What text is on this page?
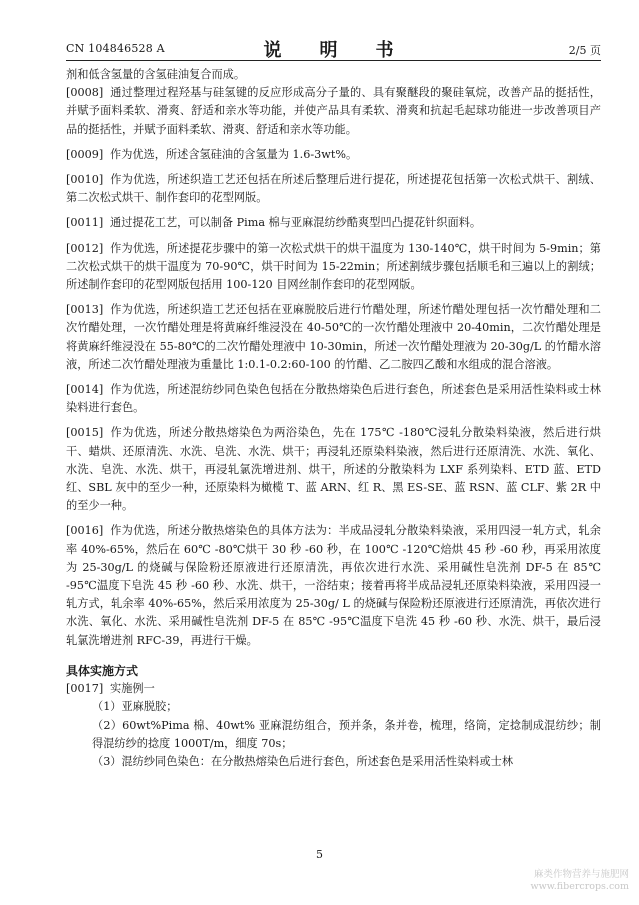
CN 104846528 A	说　明　书	2/5 页

剂和低含氢量的含氢硅油复合而成。

[0008] 通过整理过程羟基与硅氢键的反应形成高分子量的、具有聚醚段的聚硅氧烷，改善产品的挺括性，并赋予面料柔软、滑爽、舒适和亲水等功能，并使产品具有柔软、滑爽和抗起毛起球功能进一步改善项目产品的挺括性，并赋予面料柔软、滑爽、舒适和亲水等功能。

[0009] 作为优选，所述含氢硅油的含氢量为 1.6-3wt%。

[0010] 作为优选，所述织造工艺还包括在所述后整理后进行提花，所述提花包括第一次松式烘干、割绒、第二次松式烘干、制作套印的花型网版。

[0011] 通过提花工艺，可以制备 Pima 棉与亚麻混纺纱酷爽型凹凸提花针织面料。

[0012] 作为优选，所述提花步骤中的第一次松式烘干的烘干温度为 130-140℃，烘干时间为 5-9min；第二次松式烘干的烘干温度为 70-90℃，烘干时间为 15-22min；所述割绒步骤包括顺毛和三遍以上的割绒；所述制作套印的花型网版包括用 100-120 目网丝制作套印的花型网版。

[0013] 作为优选，所述织造工艺还包括在亚麻脱胶后进行竹醋处理，所述竹醋处理包括一次竹醋处理和二次竹醋处理，一次竹醋处理是将黄麻纤维浸没在 40-50℃的一次竹醋处理液中 20-40min，二次竹醋处理是将黄麻纤维浸没在 55-80℃的二次竹醋处理液中 10-30min，所述一次竹醋处理液为 20-30g/L 的竹醋水溶液，所述二次竹醋处理液为重量比 1:0.1-0.2:60-100 的竹醋、乙二胺四乙酸和水组成的混合溶液。

[0014] 作为优选，所述混纺纱同色染色包括在分散热熔染色后进行套色，所述套色是采用活性染料或士林染料进行套色。

[0015] 作为优选，所述分散热熔染色为两浴染色，先在 175℃ -180℃浸轧分散染料染液，然后进行烘干、蜡烘、还原清洗、水洗、皂洗、水洗、烘干；再浸轧还原染料染液，然后进行还原清洗、水洗、氧化、水洗、皂洗、水洗、烘干，再浸轧氯洗增进剂、烘干，所述的分散染料为 LXF 系列染料、ETD 蓝、ETD 红、SBL 灰中的至少一种，还原染料为橄榄 T、蓝 ARN、红 R、黑 ES-SE、蓝 RSN、蓝 CLF、紫 2R 中的至少一种。

[0016] 作为优选，所述分散热熔染色的具体方法为：半成品浸轧分散染料染液，采用四浸一轧方式，轧余率 40%-65%，然后在 60℃ -80℃烘干 30 秒 -60 秒，在 100℃ -120℃焙烘 45 秒 -60 秒，再采用浓度为 25-30g/L 的烧碱与保险粉还原液进行还原清洗，再依次进行水洗、采用碱性皂洗剂 DF-5 在 85℃ -95℃温度下皂洗 45 秒 -60 秒、水洗、烘干，一浴结束；接着再将半成品浸轧还原染料染液，采用四浸一轧方式，轧余率 40%-65%，然后采用浓度为 25-30g/ L 的烧碱与保险粉还原液进行还原清洗，再依次进行水洗、氧化、水洗、采用碱性皂洗剂 DF-5 在 85℃ -95℃温度下皂洗 45 秒 -60 秒、水洗、烘干，最后浸轧氯洗增进剂 RFC-39，再进行干燥。

具体实施方式

[0017] 实施例一

（1）亚麻脱胶；

（2）60wt%Pima 棉、40wt% 亚麻混纺组合，预并条，条并卷，梳理，络筒，定捻制成混纺纱；制得混纺纱的捻度 1000T/m，细度 70s；

（3）混纺纱同色染色：在分散热熔染色后进行套色，所述套色是采用活性染料或士林

5
麻类作物营养与施肥网
www.fibercrops.com
